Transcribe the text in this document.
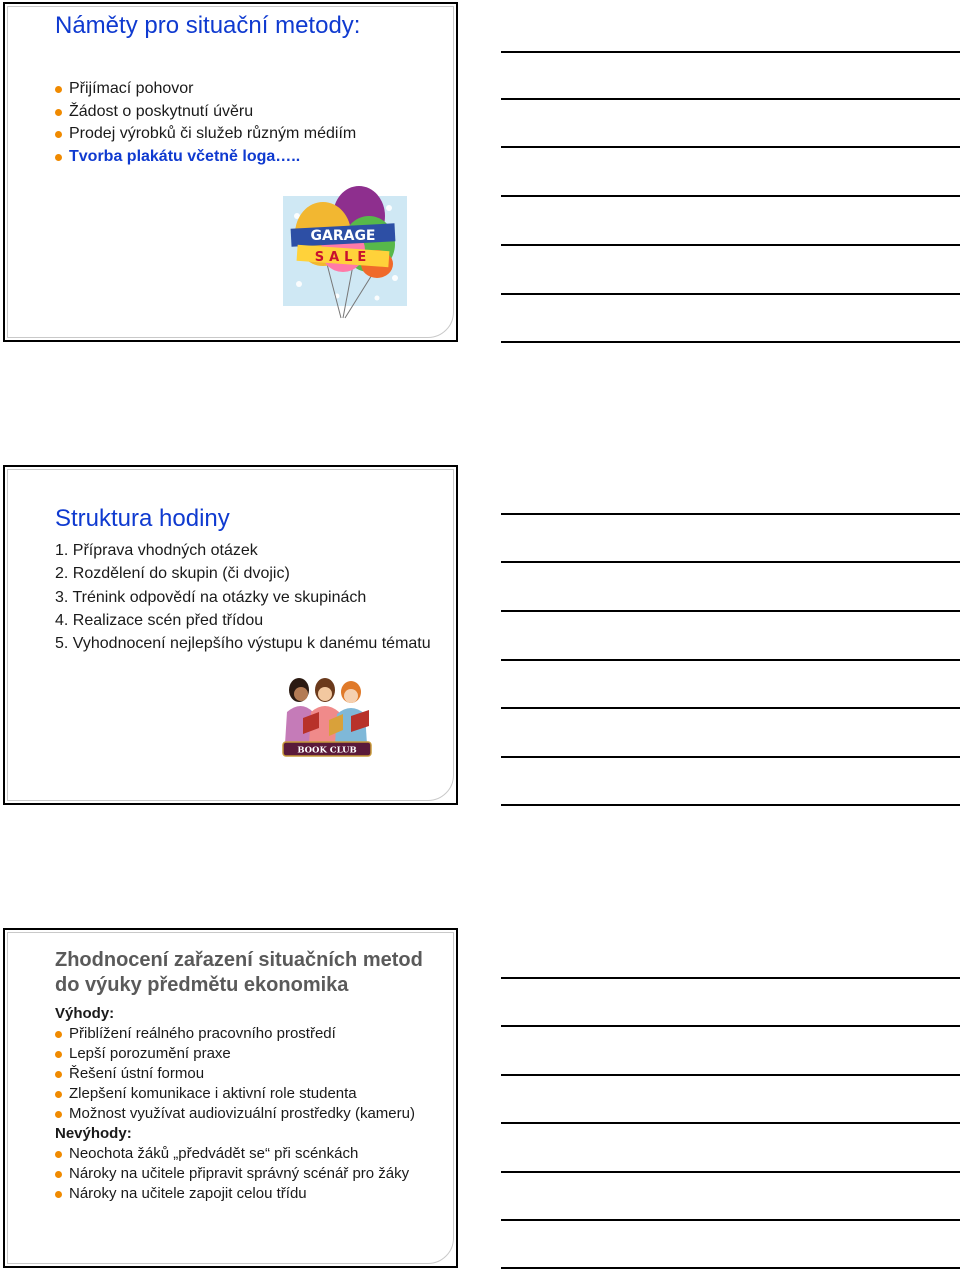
Náměty pro situační metody:
Přijímací pohovor
Žádost o poskytnutí úvěru
Prodej výrobků či služeb různým médiím
Tvorba plakátu včetně loga…..
GARAGE
SALE
Struktura hodiny
1. Příprava vhodných otázek
2. Rozdělení do skupin (či dvojic)
3. Trénink odpovědí na otázky ve skupinách
4. Realizace scén před třídou
5. Vyhodnocení nejlepšího výstupu k danému tématu
BOOK CLUB
Zhodnocení zařazení situačních metod
do výuky předmětu ekonomika
Výhody:
Přiblížení reálného pracovního prostředí
Lepší porozumění praxe
Řešení ústní formou
Zlepšení komunikace i aktivní role studenta
Možnost využívat audiovizuální prostředky (kameru)
Nevýhody:
Neochota žáků „předvádět se“ při scénkách
Nároky na učitele připravit správný scénář pro žáky
Nároky na učitele zapojit celou třídu
